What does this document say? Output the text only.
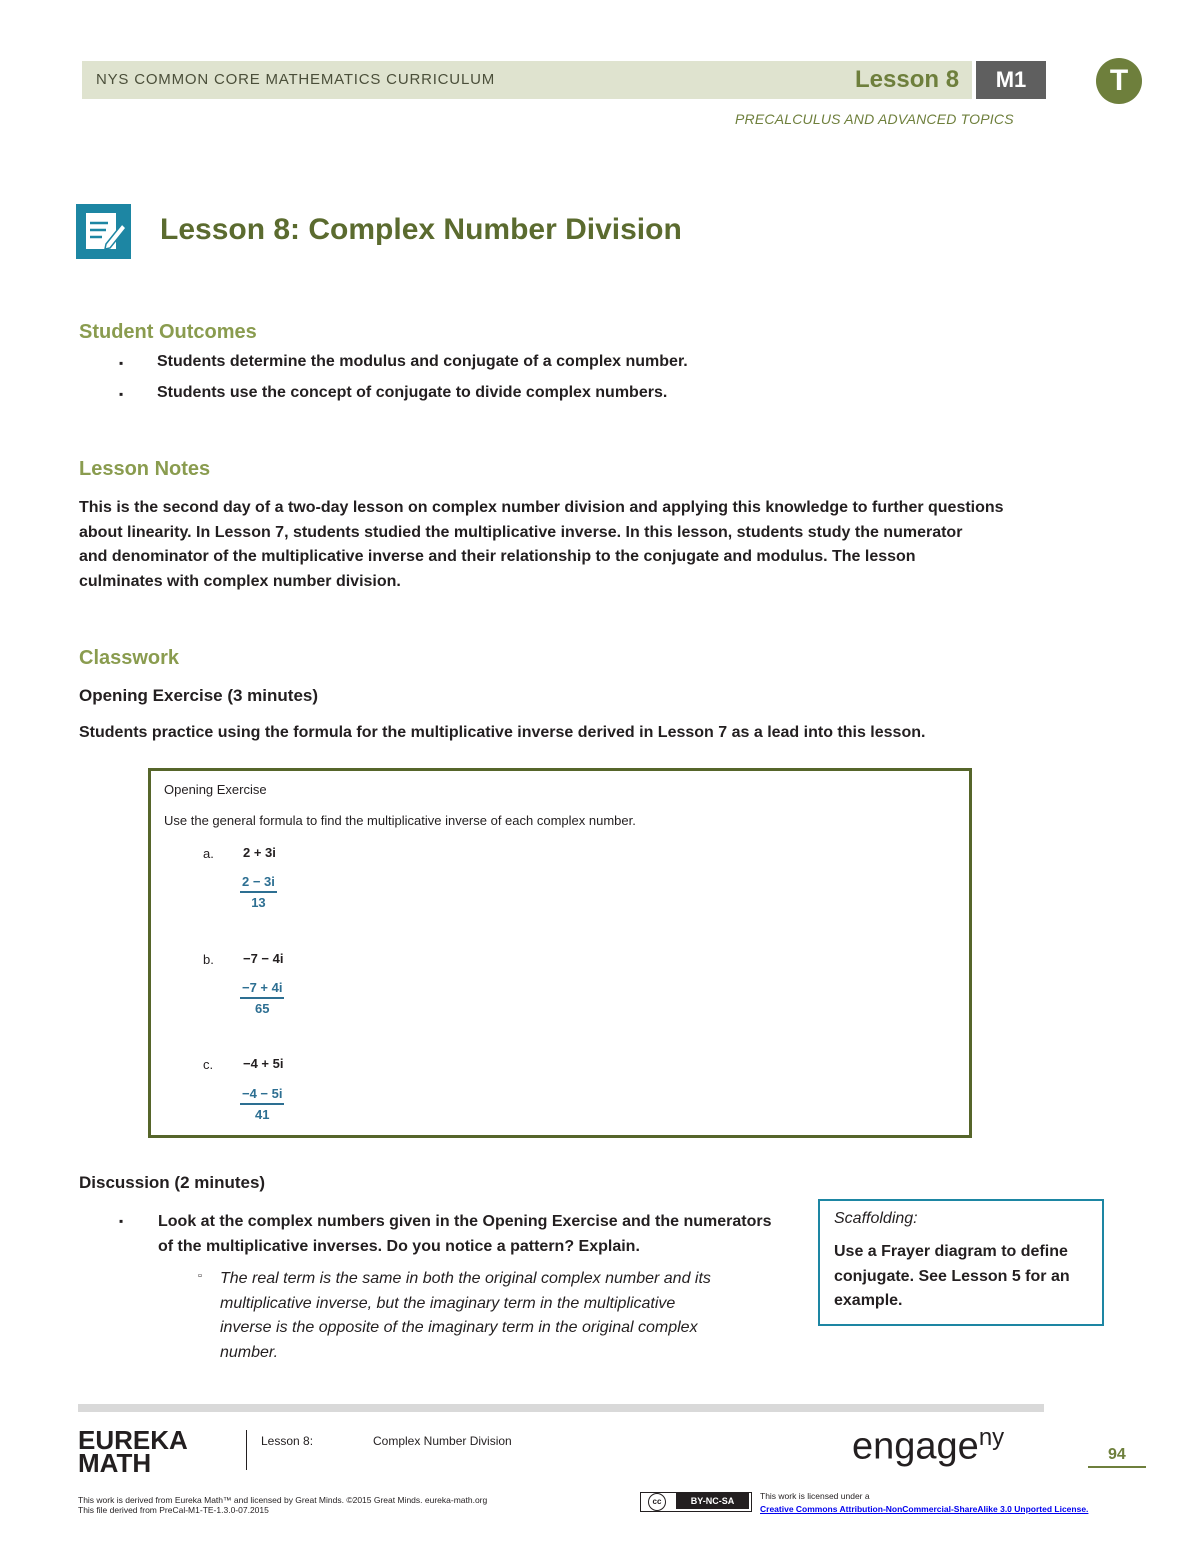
NYS COMMON CORE MATHEMATICS CURRICULUM	Lesson 8	M1	T
PRECALCULUS AND ADVANCED TOPICS
Lesson 8: Complex Number Division
Student Outcomes
▪ Students determine the modulus and conjugate of a complex number.
▪ Students use the concept of conjugate to divide complex numbers.
Lesson Notes
This is the second day of a two-day lesson on complex number division and applying this knowledge to further questions
about linearity. In Lesson 7, students studied the multiplicative inverse. In this lesson, students study the numerator
and denominator of the multiplicative inverse and their relationship to the conjugate and modulus. The lesson
culminates with complex number division.
Classwork
Opening Exercise (3 minutes)
Students practice using the formula for the multiplicative inverse derived in Lesson 7 as a lead into this lesson.
Opening Exercise
Use the general formula to find the multiplicative inverse of each complex number.
a. 2 + 3i
$\frac{2 - 3i}{13}$
b. −7 − 4i
$\frac{-7 + 4i}{65}$
c. −4 + 5i
$\frac{-4 - 5i}{41}$
Discussion (2 minutes)
▪ Look at the complex numbers given in the Opening Exercise and the numerators
of the multiplicative inverses. Do you notice a pattern? Explain.
▫ The real term is the same in both the original complex number and its
multiplicative inverse, but the imaginary term in the multiplicative
inverse is the opposite of the imaginary term in the original complex
number.
Scaffolding:
Use a Frayer diagram to define
conjugate. See Lesson 5 for an
example.
EUREKA
MATH
Lesson 8:	Complex Number Division	engage$^{ny}$
94
This work is derived from Eureka Math™ and licensed by Great Minds. ©2015 Great Minds. eureka-math.org
This file derived from PreCal-M1-TE-1.3.0-07.2015
cc	BY-NC-SA	This work is licensed under a
Creative Commons Attribution-NonCommercial-ShareAlike 3.0 Unported License.
